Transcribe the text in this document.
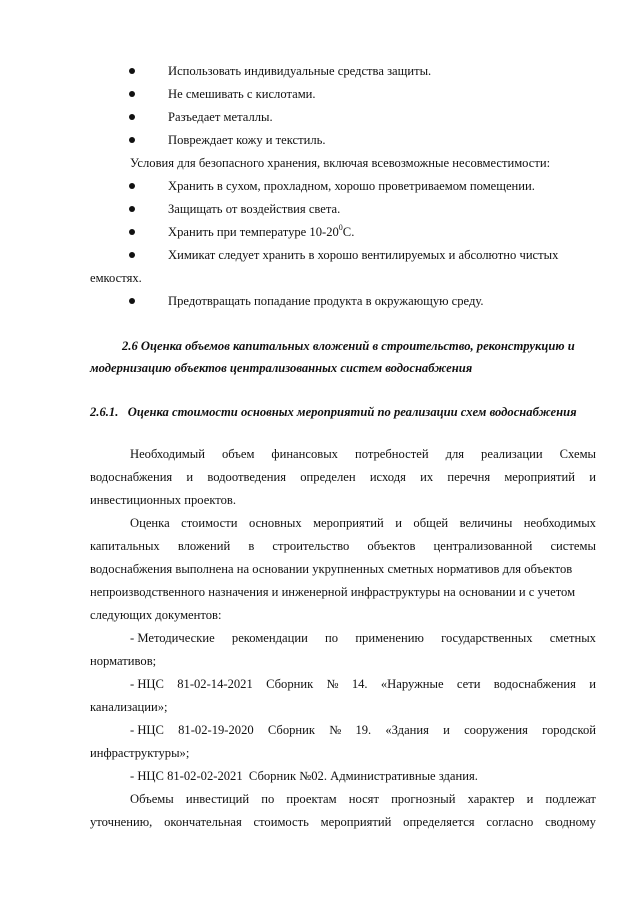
Использовать индивидуальные средства защиты.
Не смешивать с кислотами.
Разъедает металлы.
Повреждает кожу и текстиль.
Условия для безопасного хранения, включая всевозможные несовместимости:
Хранить в сухом, прохладном, хорошо проветриваемом помещении.
Защищать от воздействия света.
Хранить при температуре $10-20^0С$.
Химикат следует хранить в хорошо вентилируемых и абсолютно чистых
емкостях.
Предотвращать попадание продукта в окружающую среду.
2.6 Оценка объемов капитальных вложений в строительство, реконструкцию и
модернизацию объектов централизованных систем водоснабжения
2.6.1.   Оценка стоимости основных мероприятий по реализации схем водоснабжения
Необходимый объем финансовых потребностей для реализации Схемы
водоснабжения и водоотведения определен исходя их перечня мероприятий и
инвестиционных проектов.
Оценка стоимости основных мероприятий и общей величины необходимых
капитальных вложений в строительство объектов централизованной системы
водоснабжения выполнена на основании укрупненных сметных нормативов для объектов
непроизводственного назначения и инженерной инфраструктуры на основании и с учетом
следующих документов:
- Методические рекомендации по применению государственных сметных
нормативов;
- НЦС 81-02-14-2021 Сборник № 14. «Наружные сети водоснабжения и
канализации»;
- НЦС 81-02-19-2020 Сборник № 19. «Здания и сооружения городской
инфраструктуры»;
- НЦС 81-02-02-2021  Сборник №02. Административные здания.
Объемы инвестиций по проектам носят прогнозный характер и подлежат
уточнению, окончательная стоимость мероприятий определяется согласно сводному
